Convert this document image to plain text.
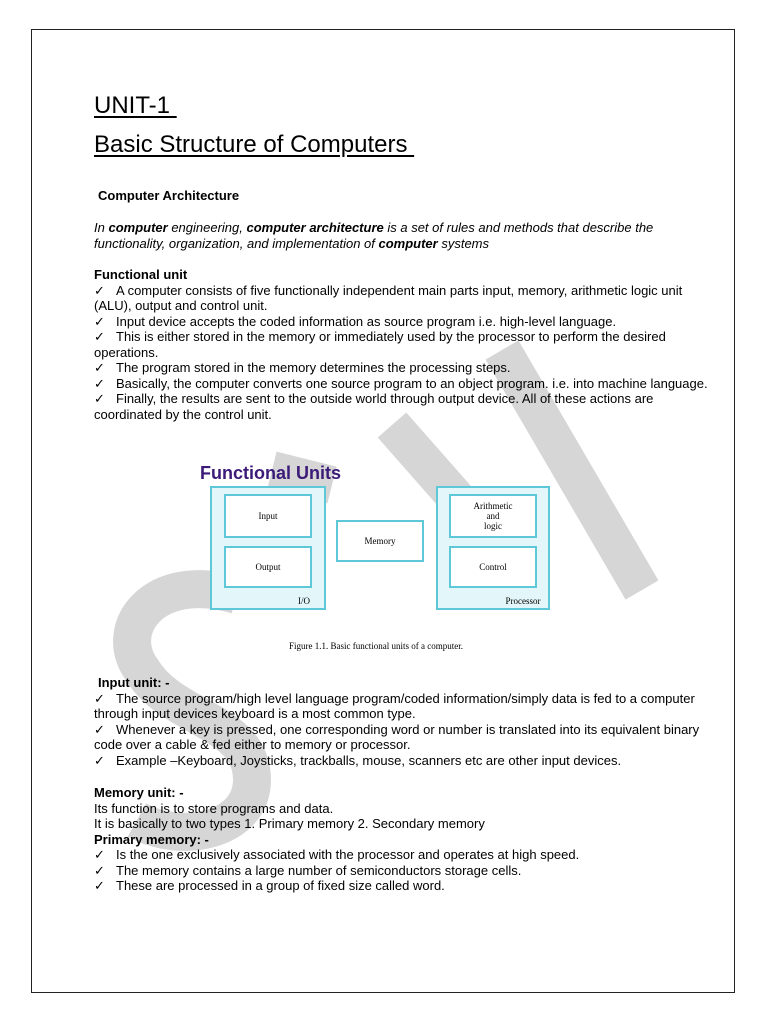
UNIT-1
Basic Structure of Computers

Computer Architecture

In computer engineering, computer architecture is a set of rules and methods that describe the functionality, organization, and implementation of computer systems

Functional unit

✓ A computer consists of five functionally independent main parts input, memory, arithmetic logic unit (ALU), output and control unit.

✓ Input device accepts the coded information as source program i.e. high-level language.

✓ This is either stored in the memory or immediately used by the processor to perform the desired operations.

✓ The program stored in the memory determines the processing steps.

✓ Basically, the computer converts one source program to an object program. i.e. into machine language.

✓ Finally, the results are sent to the outside world through output device. All of these actions are coordinated by the control unit.

Functional Units
Input
Output
Memory
Arithmetic
and
logic
Control
I/O	Processor
Figure 1.1. Basic functional units of a computer.

Input unit: -

✓ The source program/high level language program/coded information/simply data is fed to a computer through input devices keyboard is a most common type.

✓ Whenever a key is pressed, one corresponding word or number is translated into its equivalent binary code over a cable & fed either to memory or processor.

✓ Example –Keyboard, Joysticks, trackballs, mouse, scanners etc are other input devices.

Memory unit: -

Its function is to store programs and data.

It is basically to two types 1. Primary memory 2. Secondary memory

Primary memory: -

✓ Is the one exclusively associated with the processor and operates at high speed.

✓ The memory contains a large number of semiconductors storage cells.

✓ These are processed in a group of fixed size called word.
